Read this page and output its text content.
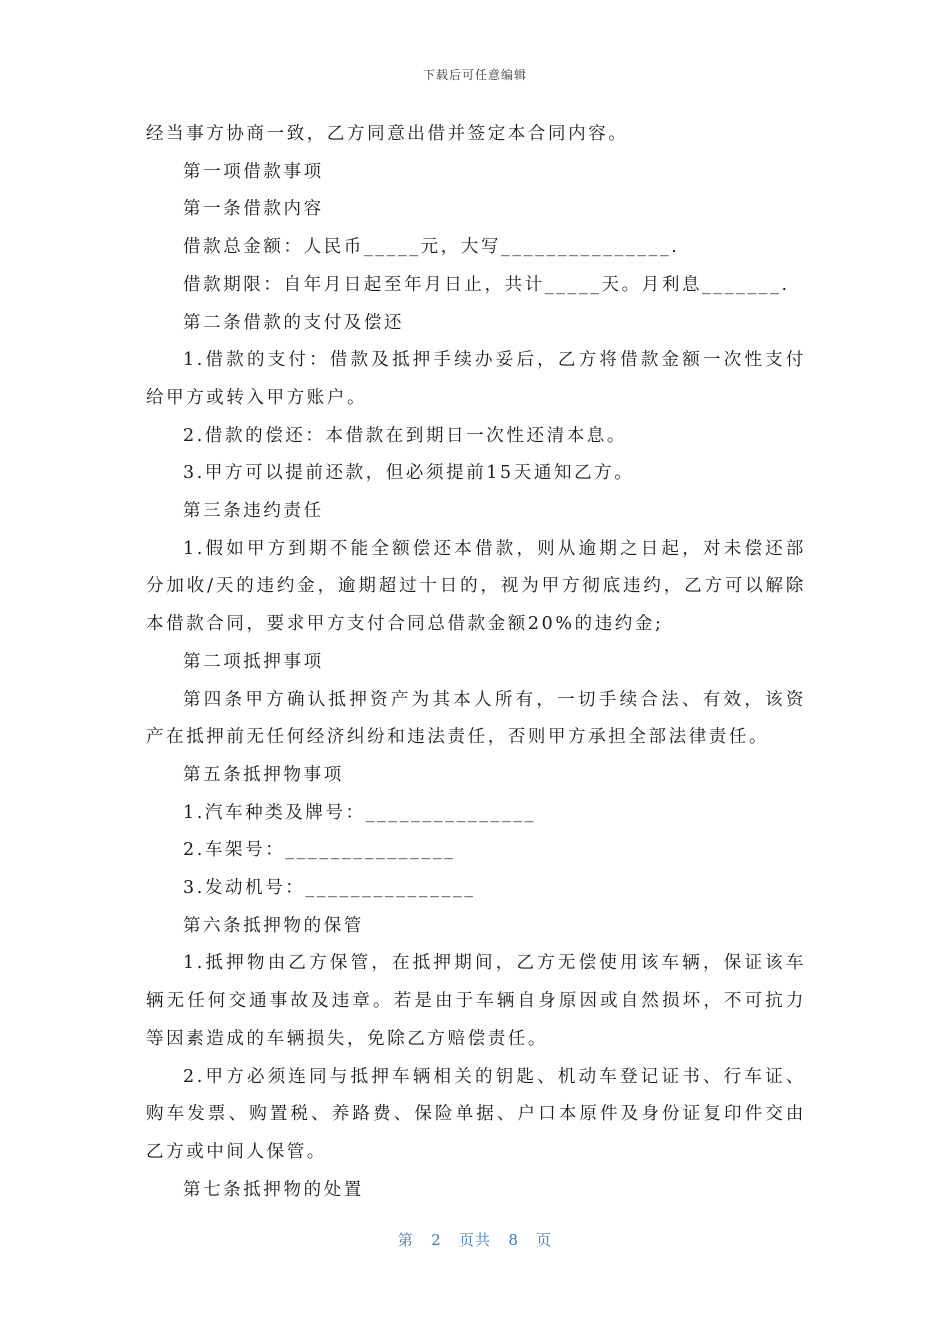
下载后可任意编辑

经当事方协商一致，乙方同意出借并签定本合同内容。

第一项借款事项

第一条借款内容

借款总金额：人民币_____元，大写_______________.

借款期限：自年月日起至年月日止，共计_____天。月利息_______.

第二条借款的支付及偿还

1.借款的支付：借款及抵押手续办妥后，乙方将借款金额一次性支付给甲方或转入甲方账户。

2.借款的偿还：本借款在到期日一次性还清本息。

3.甲方可以提前还款，但必须提前15天通知乙方。

第三条违约责任

1.假如甲方到期不能全额偿还本借款，则从逾期之日起，对未偿还部分加收/天的违约金，逾期超过十日的，视为甲方彻底违约，乙方可以解除本借款合同，要求甲方支付合同总借款金额20%的违约金;

第二项抵押事项

第四条甲方确认抵押资产为其本人所有，一切手续合法、有效，该资产在抵押前无任何经济纠纷和违法责任，否则甲方承担全部法律责任。

第五条抵押物事项

1.汽车种类及牌号：_______________

2.车架号：_______________

3.发动机号：_______________

第六条抵押物的保管

1.抵押物由乙方保管，在抵押期间，乙方无偿使用该车辆，保证该车辆无任何交通事故及违章。若是由于车辆自身原因或自然损坏，不可抗力等因素造成的车辆损失，免除乙方赔偿责任。

2.甲方必须连同与抵押车辆相关的钥匙、机动车登记证书、行车证、购车发票、购置税、养路费、保险单据、户口本原件及身份证复印件交由乙方或中间人保管。

第七条抵押物的处置

第 2 页共 8 页
